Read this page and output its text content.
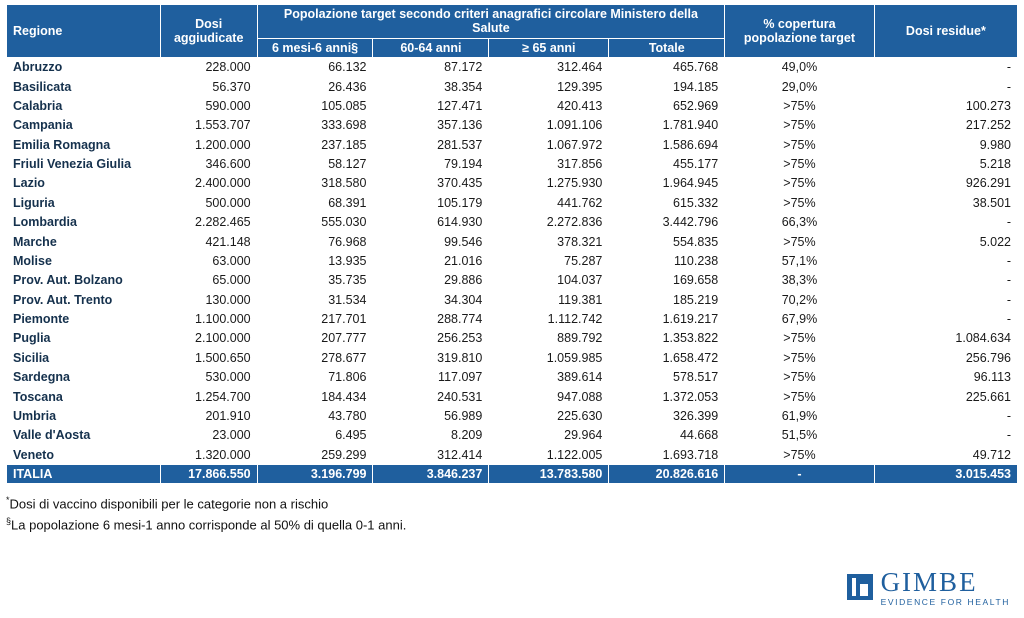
Regione	Dosi aggiudicate	Popolazione target secondo criteri anagrafici circolare Ministero della Salute				% copertura popolazione target	Dosi residue*
		6 mesi-6 anni§	60-64 anni	≥ 65 anni	Totale		
Abruzzo	228.000	66.132	87.172	312.464	465.768	49,0%	-
Basilicata	56.370	26.436	38.354	129.395	194.185	29,0%	-
Calabria	590.000	105.085	127.471	420.413	652.969	>75%	100.273
Campania	1.553.707	333.698	357.136	1.091.106	1.781.940	>75%	217.252
Emilia Romagna	1.200.000	237.185	281.537	1.067.972	1.586.694	>75%	9.980
Friuli Venezia Giulia	346.600	58.127	79.194	317.856	455.177	>75%	5.218
Lazio	2.400.000	318.580	370.435	1.275.930	1.964.945	>75%	926.291
Liguria	500.000	68.391	105.179	441.762	615.332	>75%	38.501
Lombardia	2.282.465	555.030	614.930	2.272.836	3.442.796	66,3%	-
Marche	421.148	76.968	99.546	378.321	554.835	>75%	5.022
Molise	63.000	13.935	21.016	75.287	110.238	57,1%	-
Prov. Aut. Bolzano	65.000	35.735	29.886	104.037	169.658	38,3%	-
Prov. Aut. Trento	130.000	31.534	34.304	119.381	185.219	70,2%	-
Piemonte	1.100.000	217.701	288.774	1.112.742	1.619.217	67,9%	-
Puglia	2.100.000	207.777	256.253	889.792	1.353.822	>75%	1.084.634
Sicilia	1.500.650	278.677	319.810	1.059.985	1.658.472	>75%	256.796
Sardegna	530.000	71.806	117.097	389.614	578.517	>75%	96.113
Toscana	1.254.700	184.434	240.531	947.088	1.372.053	>75%	225.661
Umbria	201.910	43.780	56.989	225.630	326.399	61,9%	-
Valle d'Aosta	23.000	6.495	8.209	29.964	44.668	51,5%	-
Veneto	1.320.000	259.299	312.414	1.122.005	1.693.718	>75%	49.712
ITALIA	17.866.550	3.196.799	3.846.237	13.783.580	20.826.616	-	3.015.453
*Dosi di vaccino disponibili per le categorie non a rischio
§La popolazione 6 mesi-1 anno corrisponde al 50% di quella 0-1 anni.
GIMBE
EVIDENCE FOR HEALTH
